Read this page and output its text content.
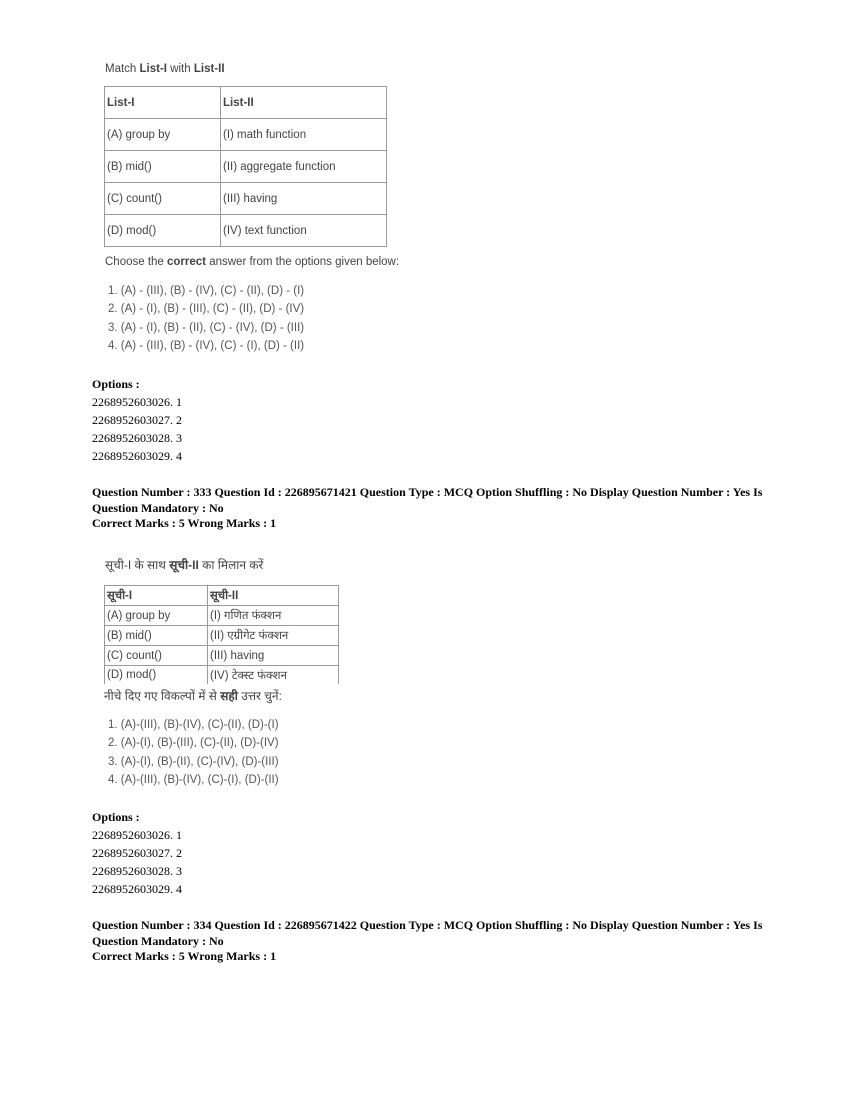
Match List-I with List-II
List-I	List-II
(A) group by	(I) math function
(B) mid()	(II) aggregate function
(C) count()	(III) having
(D) mod()	(IV) text function
Choose the correct answer from the options given below:
1. (A) - (III), (B) - (IV), (C) - (II), (D) - (I)
2. (A) - (I), (B) - (III), (C) - (II), (D) - (IV)
3. (A) - (I), (B) - (II), (C) - (IV), (D) - (III)
4. (A) - (III), (B) - (IV), (C) - (I), (D) - (II)
Options :
2268952603026. 1
2268952603027. 2
2268952603028. 3
2268952603029. 4
Question Number : 333 Question Id : 226895671421 Question Type : MCQ Option Shuffling : No Display Question Number : Yes Is
Question Mandatory : No
Correct Marks : 5 Wrong Marks : 1
सूची-I के साथ सूची-II का मिलान करें
सूची-I	सूची-II
(A) group by	(I) गणित फंक्शन
(B) mid()	(II) एग्रीगेट फंक्शन
(C) count()	(III) having
(D) mod()	(IV) टेक्स्ट फंक्शन
नीचे दिए गए विकल्पों में से सही उत्तर चुनें:
1. (A)-(III), (B)-(IV), (C)-(II), (D)-(I)
2. (A)-(I), (B)-(III), (C)-(II), (D)-(IV)
3. (A)-(I), (B)-(II), (C)-(IV), (D)-(III)
4. (A)-(III), (B)-(IV), (C)-(I), (D)-(II)
Options :
2268952603026. 1
2268952603027. 2
2268952603028. 3
2268952603029. 4
Question Number : 334 Question Id : 226895671422 Question Type : MCQ Option Shuffling : No Display Question Number : Yes Is
Question Mandatory : No
Correct Marks : 5 Wrong Marks : 1
